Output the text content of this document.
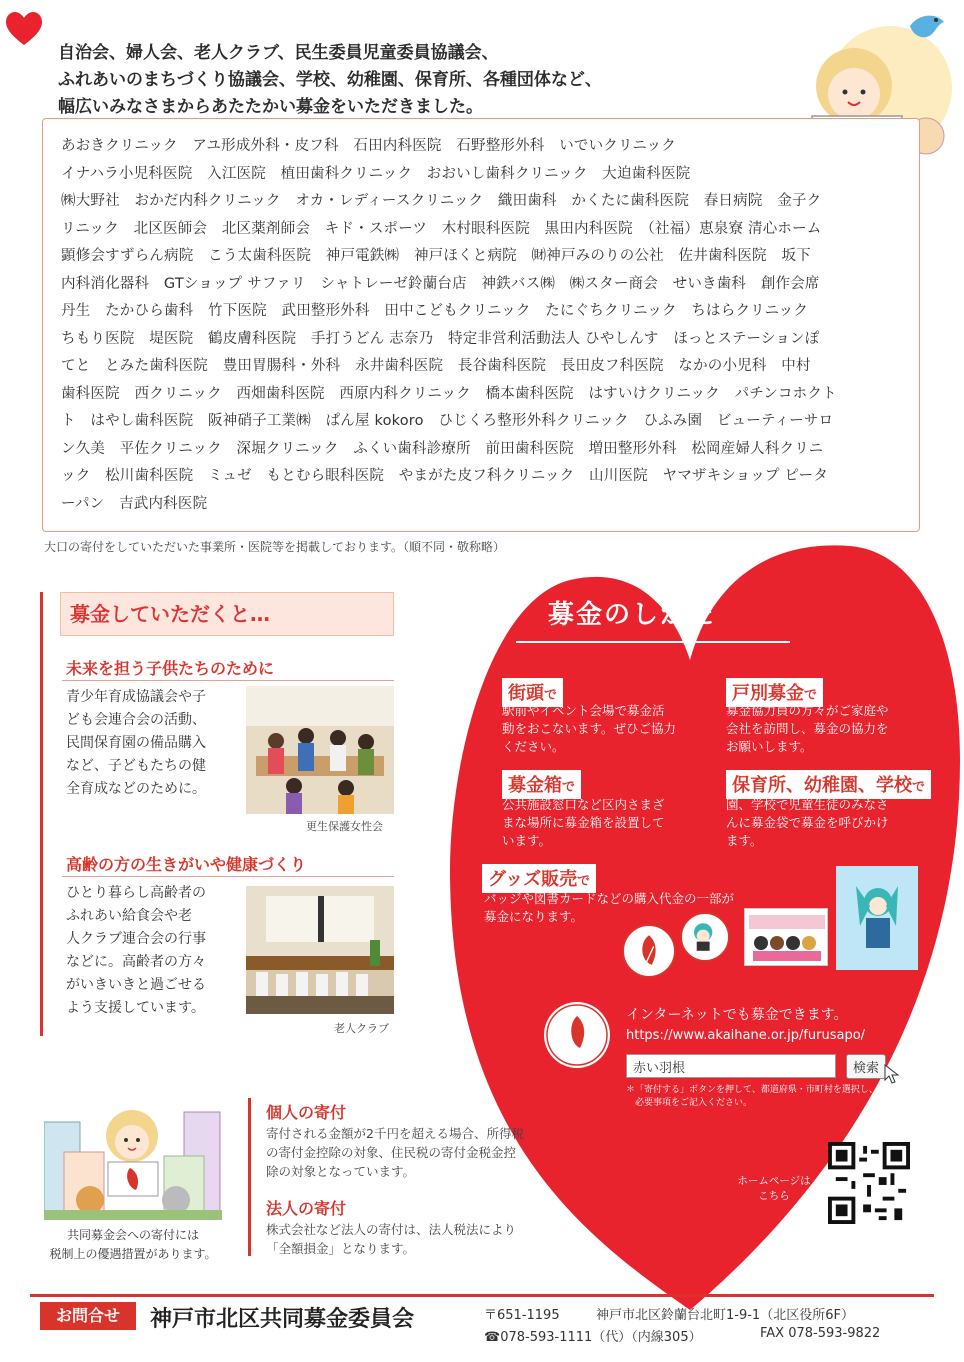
自治会、婦人会、老人クラブ、民生委員児童委員協議会、
ふれあいのまちづくり協議会、学校、幼稚園、保育所、各種団体など、
幅広いみなさまからあたたかい募金をいただきました。
あおきクリニック　アユ形成外科・皮フ科　石田内科医院　石野整形外科　いでいクリニック
イナハラ小児科医院　入江医院　植田歯科クリニック　おおいし歯科クリニック　大迫歯科医院
㈱大野社　おかだ内科クリニック　オカ・レディースクリニック　織田歯科　かくたに歯科医院　春日病院　金子ク
リニック　北区医師会　北区薬剤師会　キド・スポーツ　木村眼科医院　黒田内科医院　（社福）恵泉寮 清心ホーム
顕修会すずらん病院　こう太歯科医院　神戸電鉄㈱　神戸ほくと病院　㈶神戸みのりの公社　佐井歯科医院　坂下
内科消化器科　GTショップ サファリ　シャトレーゼ鈴蘭台店　神鉄バス㈱　㈱スター商会　せいき歯科　創作会席
丹生　たかひら歯科　竹下医院　武田整形外科　田中こどもクリニック　たにぐちクリニック　ちはらクリニック
ちもり医院　堤医院　鶴皮膚科医院　手打うどん 志奈乃　特定非営利活動法人 ひやしんす　ほっとステーションぽ
てと　とみた歯科医院　豊田胃腸科・外科　永井歯科医院　長谷歯科医院　長田皮フ科医院　なかの小児科　中村
歯科医院　西クリニック　西畑歯科医院　西原内科クリニック　橋本歯科医院　はすいけクリニック　パチンコホクト
ト　はやし歯科医院　阪神硝子工業㈱　ぱん屋 kokoro　ひじくろ整形外科クリニック　ひふみ園　ビューティーサロ
ン久美　平佐クリニック　深堀クリニック　ふくい歯科診療所　前田歯科医院　増田整形外科　松岡産婦人科クリニ
ック　松川歯科医院　ミュゼ　もとむら眼科医院　やまがた皮フ科クリニック　山川医院　ヤマザキショップ ピータ
ーパン　吉武内科医院
大口の寄付をしていただいた事業所・医院等を掲載しております。（順不同・敬称略）
募金していただくと…
未来を担う子供たちのために
青少年育成協議会や子
ども会連合会の活動、
民間保育園の備品購入
など、子どもたちの健
全育成などのために。
更生保護女性会
高齢の方の生きがいや健康づくり
ひとり暮らし高齢者の
ふれあい給食会や老
人クラブ連合会の行事
などに。高齢者の方々
がいきいきと過ごせる
よう支援しています。
老人クラブ
募金のしかた
街頭で
駅前やイベント会場で募金活
動をおこないます。ぜひご協力
ください。
戸別募金で
募金協力員の方々がご家庭や
会社を訪問し、募金の協力を
お願いします。
募金箱で
公共施設窓口など区内さまざ
まな場所に募金箱を設置して
います。
保育所、幼稚園、学校で
園、学校で児童生徒のみなさ
んに募金袋で募金を呼びかけ
ます。
グッズ販売で
バッジや図書カードなどの購入代金の一部が
募金になります。
インターネットでも募金できます。
https://www.akaihane.or.jp/furusapo/
赤い羽根	検索
＊「寄付する」ボタンを押して、都道府県・市町村を選択し、
　必要事項をご記入ください。
ホームページは
こちら
共同募金会への寄付には
税制上の優遇措置があります。
個人の寄付
寄付される金額が2千円を超える場合、所得税
の寄付金控除の対象、住民税の寄付金税金控
除の対象となっています。
法人の寄付
株式会社など法人の寄付は、法人税法により
「全額損金」となります。
お問合せ	神戸市北区共同募金委員会	〒651-1195	神戸市北区鈴蘭台北町1-9-1（北区役所6F）
☎078-593-1111（代）（内線305）	FAX 078-593-9822
